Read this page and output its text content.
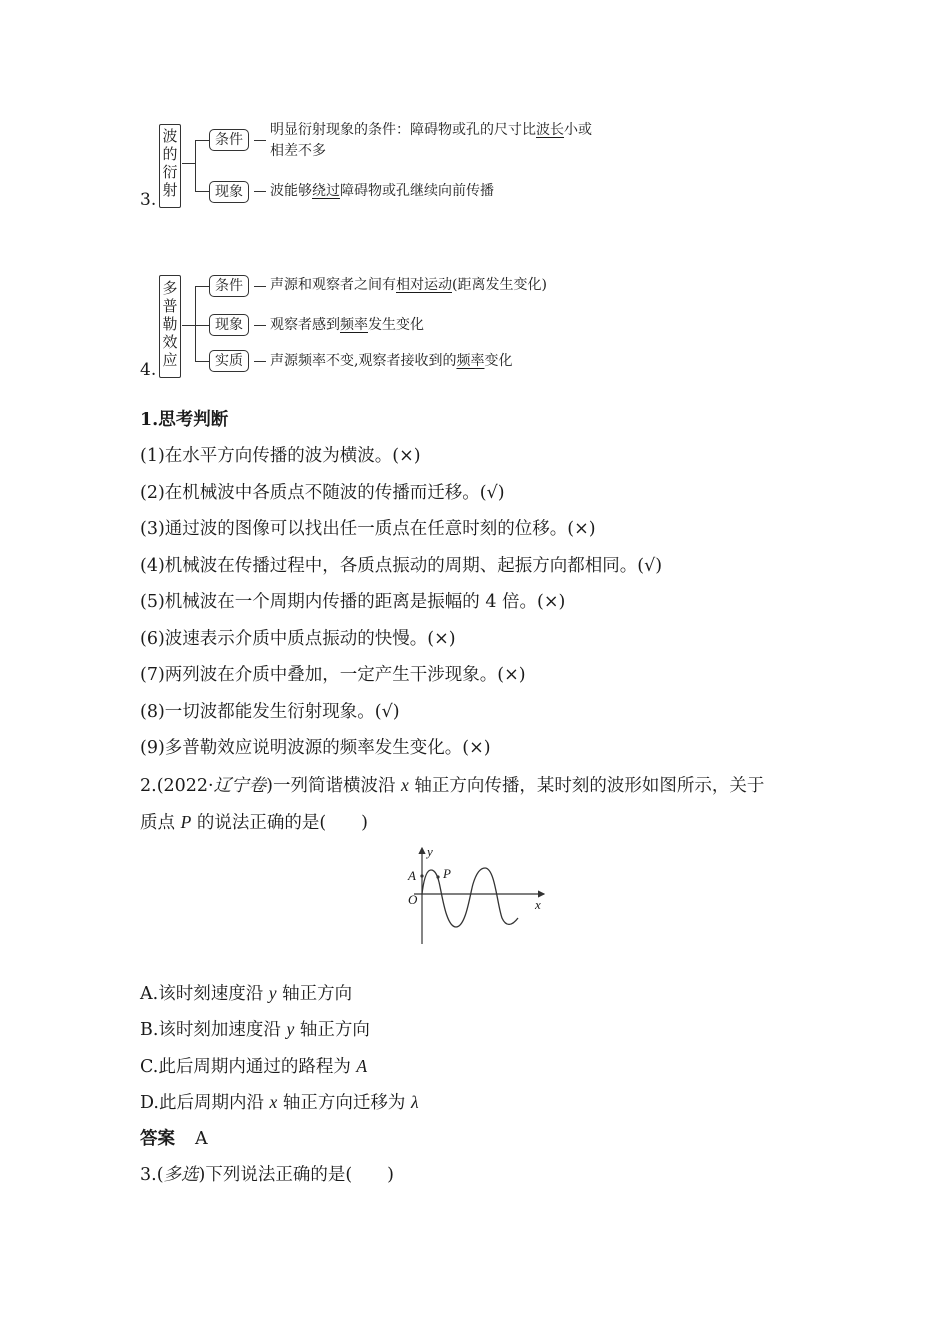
3.
波
的
衍
射
条件
明显衍射现象的条件：障碍物或孔的尺寸比波长小或
相差不多
现象	波能够绕过障碍物或孔继续向前传播
4.
多
普
勒
效
应
条件	声源和观察者之间有相对运动(距离发生变化)
现象	观察者感到频率发生变化
实质	声源频率不变,观察者接收到的频率变化
1.思考判断
(1)在水平方向传播的波为横波。(×)
(2)在机械波中各质点不随波的传播而迁移。(√)
(3)通过波的图像可以找出任一质点在任意时刻的位移。(×)
(4)机械波在传播过程中，各质点振动的周期、起振方向都相同。(√)
(5)机械波在一个周期内传播的距离是振幅的 4 倍。(×)
(6)波速表示介质中质点振动的快慢。(×)
(7)两列波在介质中叠加，一定产生干涉现象。(×)
(8)一切波都能发生衍射现象。(√)
(9)多普勒效应说明波源的频率发生变化。(×)
2.(2022·辽宁卷)一列简谐横波沿 x 轴正方向传播，某时刻的波形如图所示，关于
质点 P 的说法正确的是(　　)
y
x
O
A P
A.该时刻速度沿 y 轴正方向
B.该时刻加速度沿 y 轴正方向
C.此后周期内通过的路程为 A
D.此后周期内沿 x 轴正方向迁移为 λ
答案 A
3.(多选)下列说法正确的是(　　)
